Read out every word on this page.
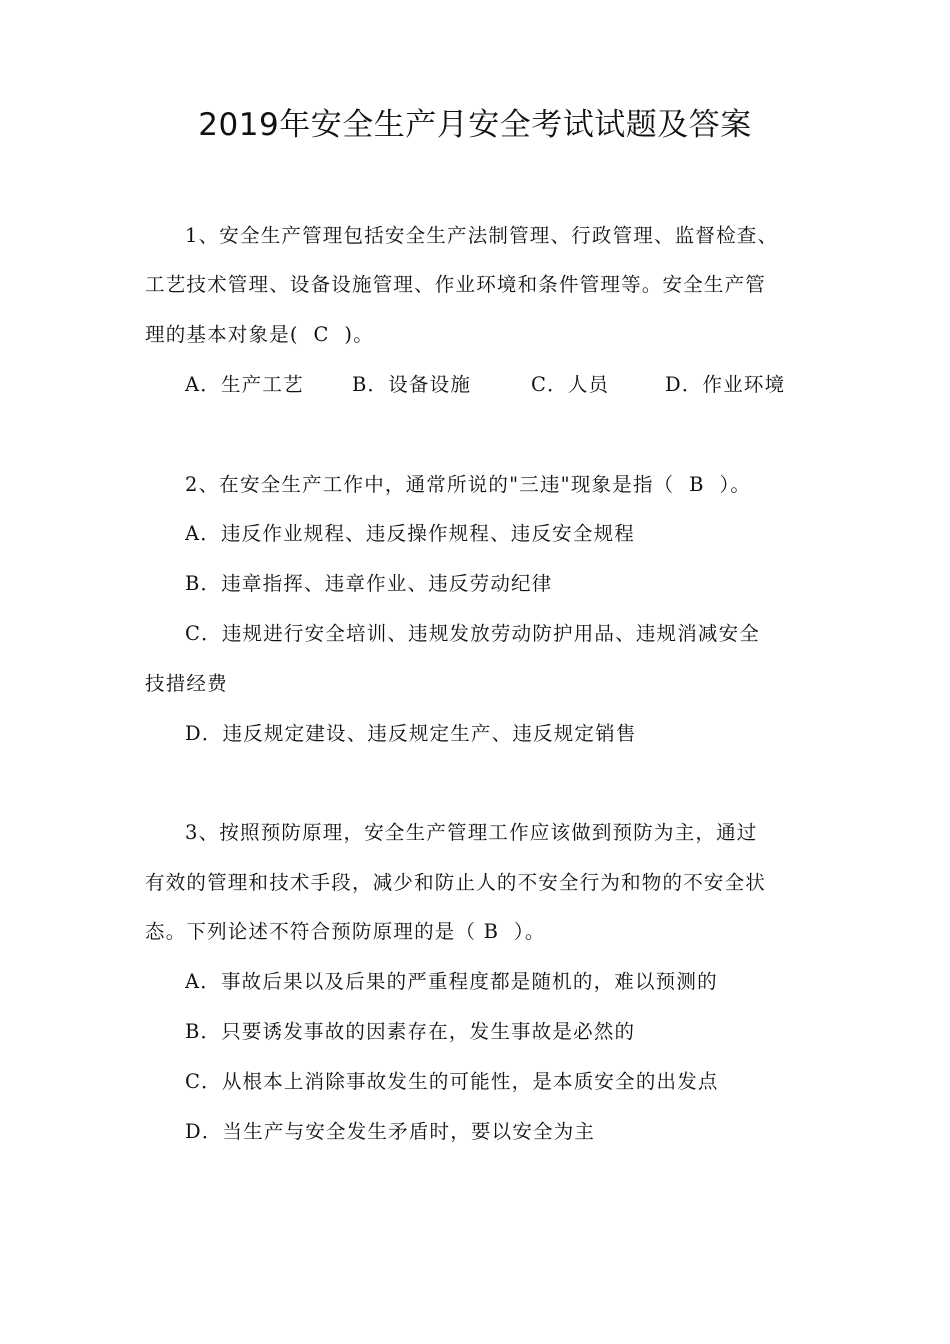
2019年安全生产月安全考试试题及答案
1、安全生产管理包括安全生产法制管理、行政管理、监督检查、
工艺技术管理、设备设施管理、作业环境和条件管理等。安全生产管
理的基本对象是(  C  )。

A．生产工艺

B．设备设施

	C．人员

	D．作业环境

2、在安全生产工作中，通常所说的"三违"现象是指（  B  ）。
A．违反作业规程、违反操作规程、违反安全规程
B．违章指挥、违章作业、违反劳动纪律
C．违规进行安全培训、违规发放劳动防护用品、违规消减安全
技措经费
D．违反规定建设、违反规定生产、违反规定销售
3、按照预防原理，安全生产管理工作应该做到预防为主，通过
有效的管理和技术手段，减少和防止人的不安全行为和物的不安全状
态。下列论述不符合预防原理的是（ B  ）。
A．事故后果以及后果的严重程度都是随机的，难以预测的
B．只要诱发事故的因素存在，发生事故是必然的
C．从根本上消除事故发生的可能性，是本质安全的出发点
D．当生产与安全发生矛盾时，要以安全为主
